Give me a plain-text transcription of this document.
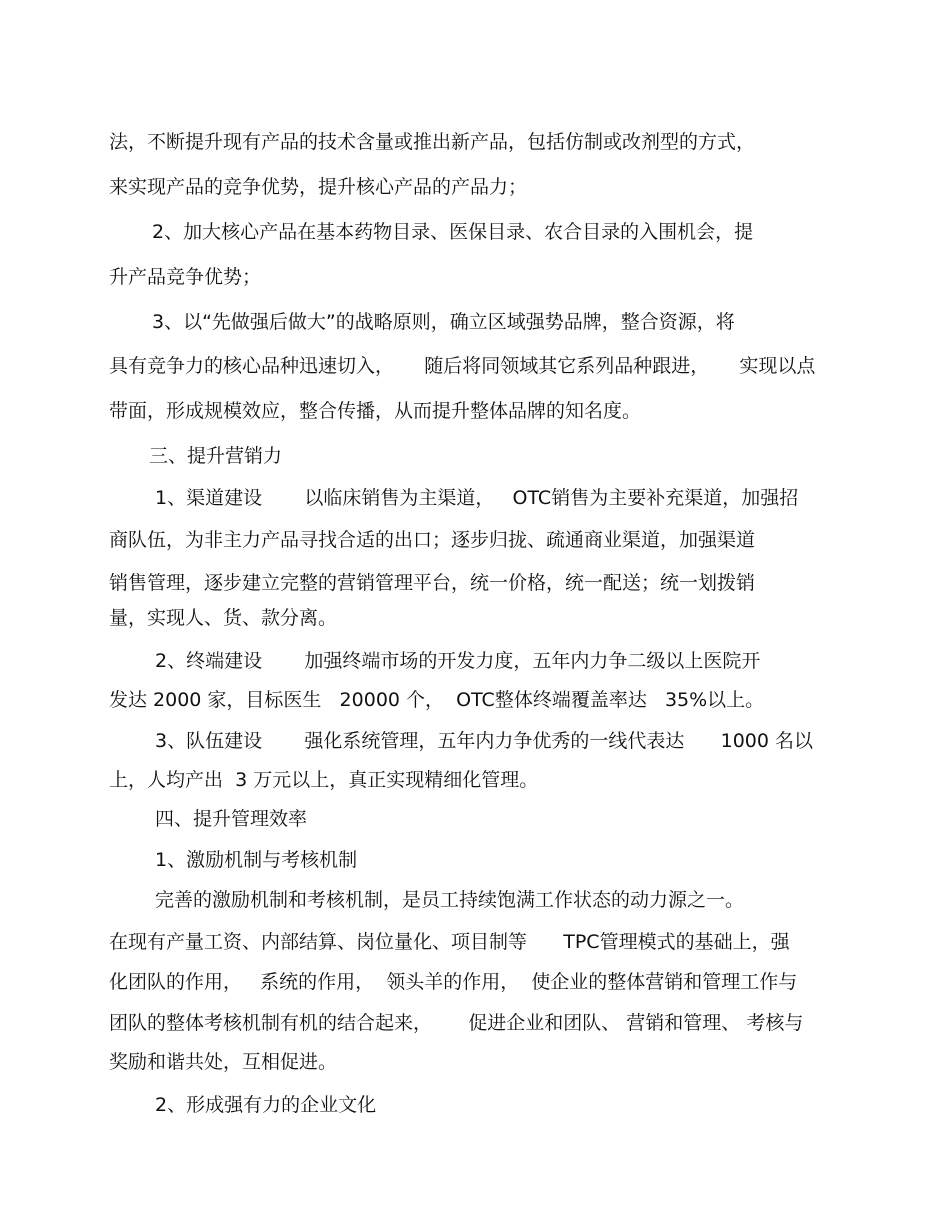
法，不断提升现有产品的技术含量或推出新产品，包括仿制或改剂型的方式，
来实现产品的竞争优势，提升核心产品的产品力；
2、加大核心产品在基本药物目录、医保目录、农合目录的入围机会，提
升产品竞争优势；
3、以“先做强后做大”的战略原则，确立区域强势品牌，整合资源，将
具有竞争力的核心品种迅速切入，     随后将同领域其它系列品种跟进，     实现以点
带面，形成规模效应，整合传播，从而提升整体品牌的知名度。
三、提升营销力
1、渠道建设       以临床销售为主渠道，   OTC销售为主要补充渠道，加强招
商队伍，为非主力产品寻找合适的出口；逐步归拢、疏通商业渠道，加强渠道
销售管理，逐步建立完整的营销管理平台，统一价格，统一配送；统一划拨销
量，实现人、货、款分离。
2、终端建设       加强终端市场的开发力度，五年内力争二级以上医院开
发达 2000 家，目标医生   20000 个，  OTC整体终端覆盖率达   35%以上。
3、队伍建设       强化系统管理，五年内力争优秀的一线代表达      1000 名以
上，人均产出  3 万元以上，真正实现精细化管理。
四、提升管理效率
1、激励机制与考核机制
完善的激励机制和考核机制，是员工持续饱满工作状态的动力源之一。
在现有产量工资、内部结算、岗位量化、项目制等      TPC管理模式的基础上，强
化团队的作用，   系统的作用，  领头羊的作用，  使企业的整体营销和管理工作与
团队的整体考核机制有机的结合起来，      促进企业和团队、 营销和管理、 考核与
奖励和谐共处，互相促进。
2、形成强有力的企业文化
